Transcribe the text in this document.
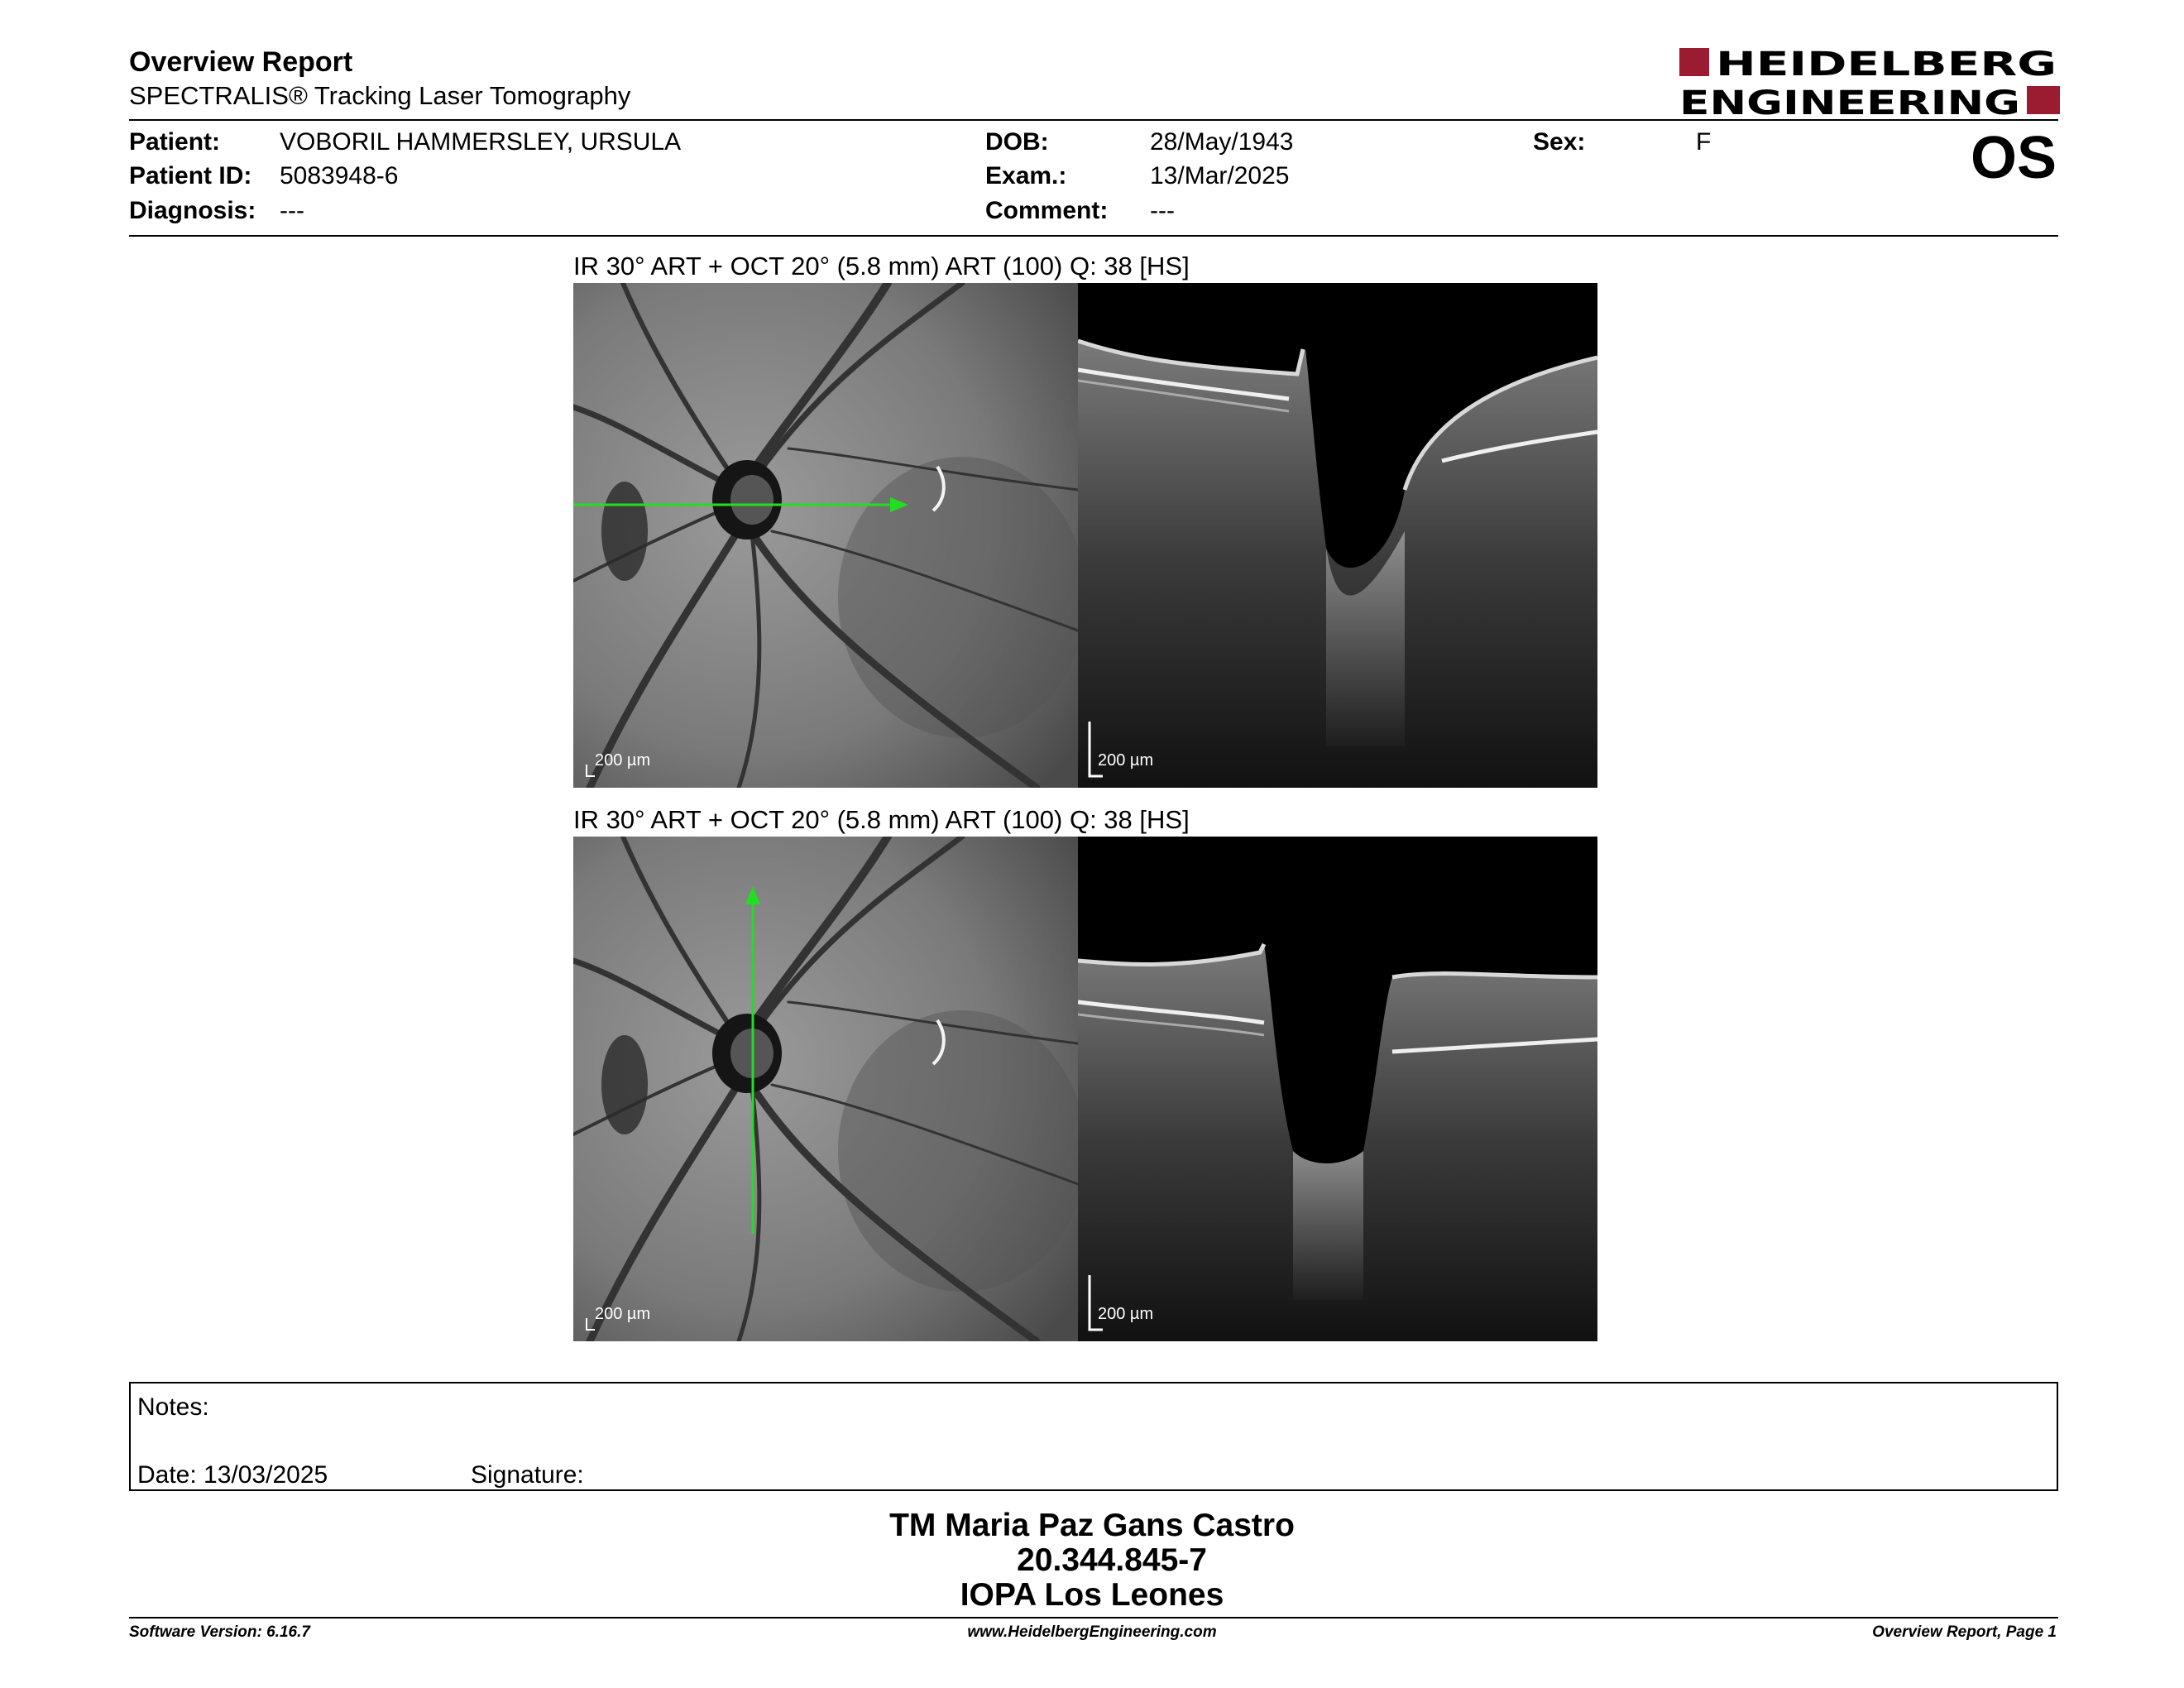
Overview Report
SPECTRALIS® Tracking Laser Tomography
HEIDELBERG
ENGINEERING
Patient: VOBORIL HAMMERSLEY, URSULA
Patient ID: 5083948-6
Diagnosis: ---
DOB:	28/May/1943
Exam.:	13/Mar/2025
Comment: ---
Sex:	F	OS
IR 30° ART + OCT 20° (5.8 mm) ART (100) Q: 38 [HS]
200 µm	200 µm
IR 30° ART + OCT 20° (5.8 mm) ART (100) Q: 38 [HS]
200 µm	200 µm
Notes:
Date: 13/03/2025	Signature:
TM Maria Paz Gans Castro
20.344.845-7
IOPA Los Leones
Software Version: 6.16.7	www.HeidelbergEngineering.com	Overview Report, Page 1
